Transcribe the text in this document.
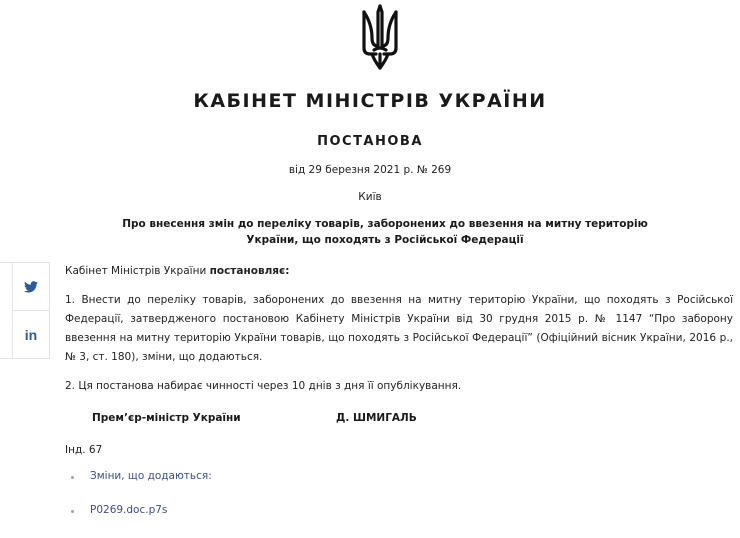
КАБІНЕТ МІНІСТРІВ УКРАЇНИ
ПОСТАНОВА
від 29 березня 2021 р. № 269
Київ
Про внесення змін до переліку товарів, заборонених до ввезення на митну територію України, що походять з Російської Федерації
in
Кабінет Міністрів України постановляє:
1. Внести до переліку товарів, заборонених до ввезення на митну територію України, що походять з Російської Федерації, затвердженого постановою Кабінету Міністрів України від 30 грудня 2015 р. № 1147 “Про заборону ввезення на митну територію України товарів, що походять з Російської Федерації” (Офіційний вісник України, 2016 р., № 3, ст. 180), зміни, що додаються.
2. Ця постанова набирає чинності через 10 днів з дня її опублікування.
Прем’єр-міністр України	Д. ШМИГАЛЬ
Інд. 67
Зміни, що додаються:
P0269.doc.p7s
